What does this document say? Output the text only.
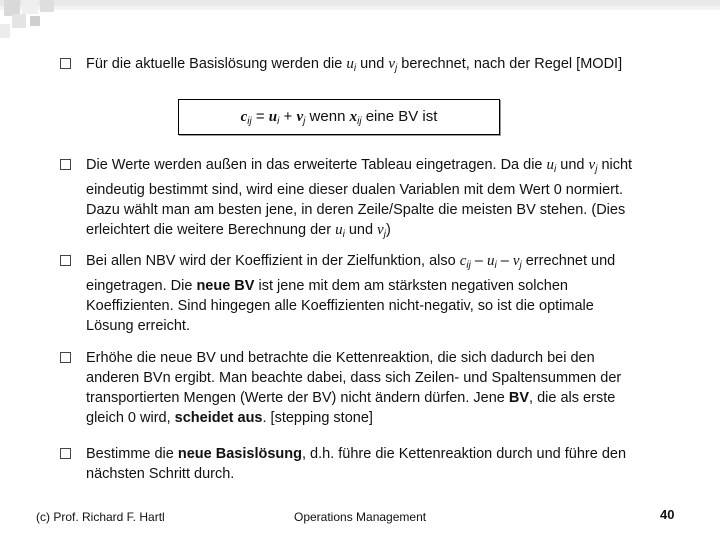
Für die aktuelle Basislösung werden die $u_i$ und $v_j$ berechnet, nach der Regel [MODI]
$c_{ij} = u_i + v_j$ wenn $x_{ij}$ eine BV ist
Die Werte werden außen in das erweiterte Tableau eingetragen. Da die $u_i$ und $v_j$ nicht eindeutig bestimmt sind, wird eine dieser dualen Variablen mit dem Wert 0 normiert. Dazu wählt man am besten jene, in deren Zeile/Spalte die meisten BV stehen. (Dies erleichtert die weitere Berechnung der $u_i$ und $v_j$)
Bei allen NBV wird der Koeffizient in der Zielfunktion, also $c_{ij} - u_i - v_j$ errechnet und eingetragen. Die neue BV ist jene mit dem am stärksten negativen solchen Koeffizienten. Sind hingegen alle Koeffizienten nicht-negativ, so ist die optimale Lösung erreicht.
Erhöhe die neue BV und betrachte die Kettenreaktion, die sich dadurch bei den anderen BVn ergibt. Man beachte dabei, dass sich Zeilen- und Spaltensummen der transportierten Mengen (Werte der BV) nicht ändern dürfen. Jene BV, die als erste gleich 0 wird, scheidet aus. [stepping stone]
Bestimme die neue Basislösung, d.h. führe die Kettenreaktion durch und führe den nächsten Schritt durch.
(c) Prof. Richard F. Hartl	Operations Management	40
